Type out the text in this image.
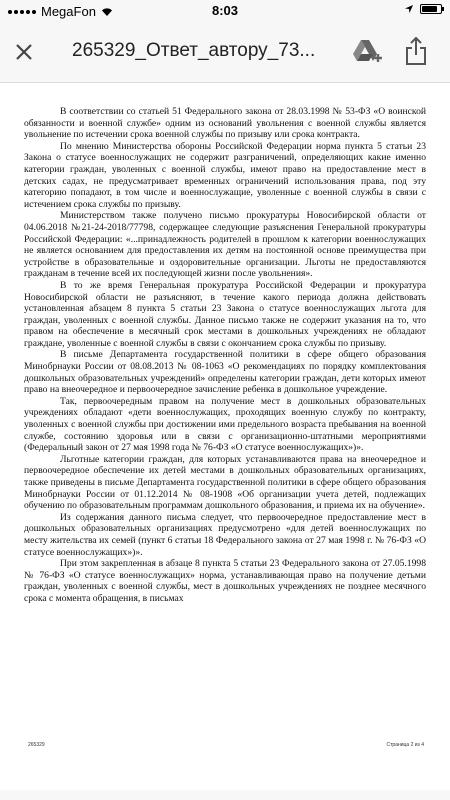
MegaFon	8:03
265329_Ответ_автору_73...

В соответствии со статьей 51 Федерального закона от 28.03.1998 № 53-ФЗ «О воинской обязанности и военной службе» одним из оснований увольнения с военной службы является увольнение по истечении срока военной службы по призыву или срока контракта.

По мнению Министерства обороны Российской Федерации норма пункта 5 статьи 23 Закона о статусе военнослужащих не содержит разграничений, определяющих какие именно категории граждан, уволенных с военной службы, имеют право на предоставление мест в детских садах, не предусматривает временных ограничений использования права, под эту категорию попадают, в том числе и военнослужащие, уволенные с военной службы в связи с истечением срока службы по призыву.

Министерством также получено письмо прокуратуры Новосибирской области от 04.06.2018 №21-24-2018/77798, содержащее следующие разъяснения Генеральной прокуратуры Российской Федерации: «...принадлежность родителей в прошлом к категории военнослужащих не является основанием для предоставления их детям на постоянной основе преимущества при устройстве в образовательные и оздоровительные организации. Льготы не предоставляются гражданам в течение всей их последующей жизни после увольнения».

В то же время Генеральная прокуратура Российской Федерации и прокуратура Новосибирской области не разъясняют, в течение какого периода должна действовать установленная абзацем 8 пункта 5 статьи 23 Закона о статусе военнослужащих льгота для граждан, уволенных с военной службы. Данное письмо также не содержит указания на то, что правом на обеспечение в месячный срок местами в дошкольных учреждениях не обладают граждане, уволенные с военной службы в связи с окончанием срока службы по призыву.

В письме Департамента государственной политики в сфере общего образования Минобрнауки России от 08.08.2013 № 08-1063 «О рекомендациях по порядку комплектования дошкольных образовательных учреждений» определены категории граждан, дети которых имеют право на внеочередное и первоочередное зачисление ребенка в дошкольное учреждение.

Так, первоочередным правом на получение мест в дошкольных образовательных учреждениях обладают «дети военнослужащих, проходящих военную службу по контракту, уволенных с военной службы при достижении ими предельного возраста пребывания на военной службе, состоянию здоровья или в связи с организационно-штатными мероприятиями (Федеральный закон от 27 мая 1998 года № 76-ФЗ «О статусе военнослужащих»)».

Льготные категории граждан, для которых устанавливаются права на внеочередное и первоочередное обеспечение их детей местами в дошкольных образовательных организациях, также приведены в письме Департамента государственной политики в сфере общего образования Минобрнауки России от 01.12.2014 № 08-1908 «Об организации учета детей, подлежащих обучению по образовательным программам дошкольного образования, и приема их на обучение».

Из содержания данного письма следует, что первоочередное предоставление мест в дошкольных образовательных организациях предусмотрено «для детей военнослужащих по месту жительства их семей (пункт 6 статьи 18 Федерального закона от 27 мая 1998 г. № 76-ФЗ «О статусе военнослужащих»)».

При этом закрепленная в абзаце 8 пункта 5 статьи 23 Федерального закона от 27.05.1998 № 76-ФЗ «О статусе военнослужащих» норма, устанавливающая право на получение детьми граждан, уволенных с военной службы, мест в дошкольных учреждениях не позднее месячного срока с момента обращения, в письмах

265329	Страница 2 из 4
